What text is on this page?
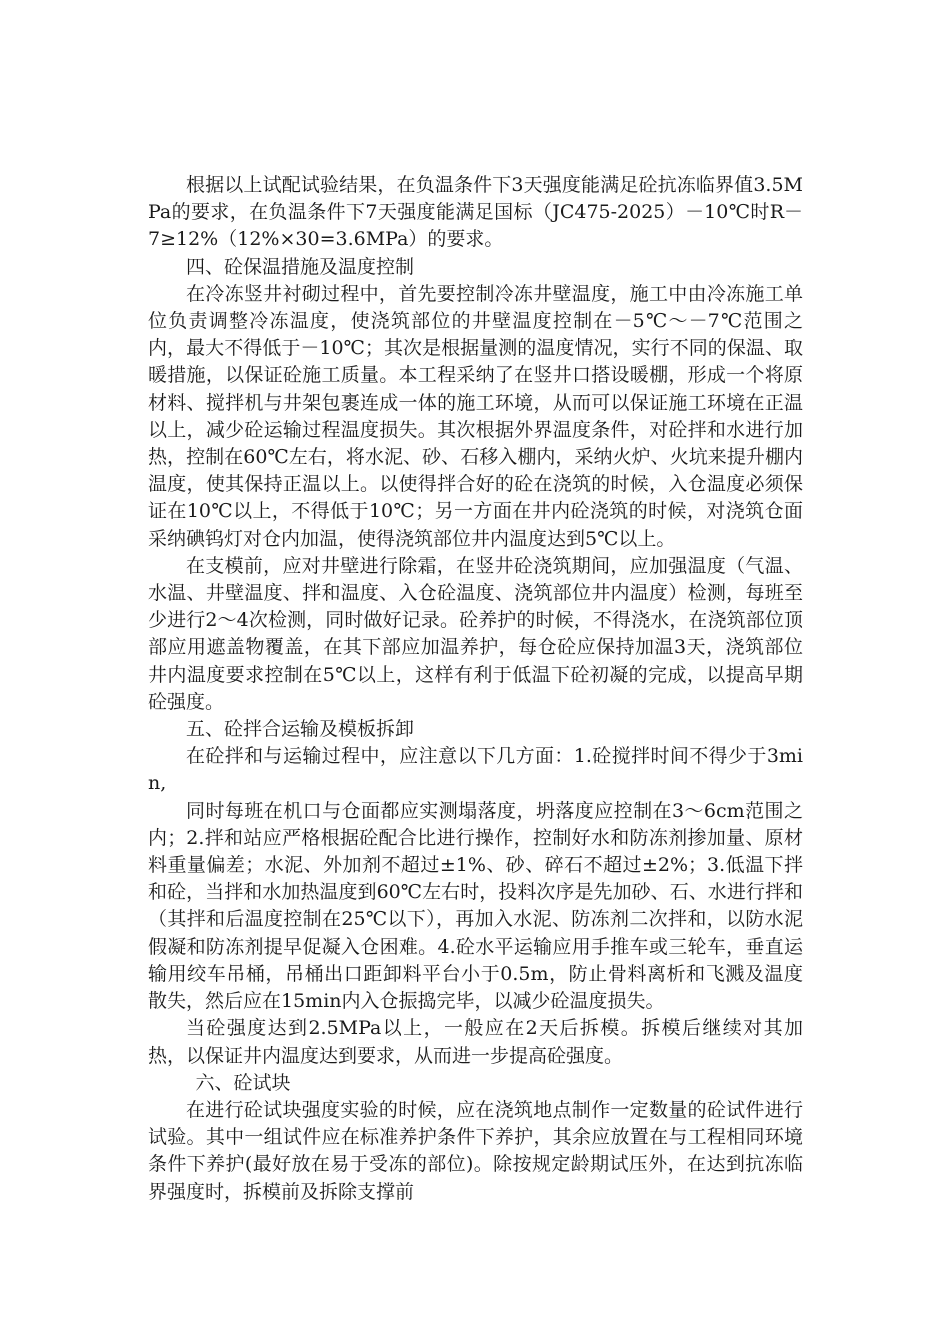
根据以上试配试验结果，在负温条件下3天强度能满足砼抗冻临界值3.5MPa的要求，在负温条件下7天强度能满足国标（JC475-2025）－10℃时R－7≥12%（12%×30=3.6MPa）的要求。

四、砼保温措施及温度控制

在冷冻竖井衬砌过程中，首先要控制冷冻井壁温度，施工中由冷冻施工单位负责调整冷冻温度，使浇筑部位的井壁温度控制在－5℃～－7℃范围之内，最大不得低于－10℃；其次是根据量测的温度情况，实行不同的保温、取暖措施，以保证砼施工质量。本工程采纳了在竖井口搭设暖棚，形成一个将原材料、搅拌机与井架包裹连成一体的施工环境，从而可以保证施工环境在正温以上，减少砼运输过程温度损失。其次根据外界温度条件，对砼拌和水进行加热，控制在60℃左右，将水泥、砂、石移入棚内，采纳火炉、火坑来提升棚内温度，使其保持正温以上。以使得拌合好的砼在浇筑的时候，入仓温度必须保证在10℃以上，不得低于10℃；另一方面在井内砼浇筑的时候，对浇筑仓面采纳碘钨灯对仓内加温，使得浇筑部位井内温度达到5℃以上。

在支模前，应对井壁进行除霜，在竖井砼浇筑期间，应加强温度（气温、水温、井壁温度、拌和温度、入仓砼温度、浇筑部位井内温度）检测，每班至少进行2～4次检测，同时做好记录。砼养护的时候，不得浇水，在浇筑部位顶部应用遮盖物覆盖，在其下部应加温养护，每仓砼应保持加温3天，浇筑部位井内温度要求控制在5℃以上，这样有利于低温下砼初凝的完成，以提高早期砼强度。

五、砼拌合运输及模板拆卸

在砼拌和与运输过程中，应注意以下几方面：1.砼搅拌时间不得少于3min,

同时每班在机口与仓面都应实测塌落度，坍落度应控制在3～6cm范围之内；2.拌和站应严格根据砼配合比进行操作，控制好水和防冻剂掺加量、原材料重量偏差；水泥、外加剂不超过±1%、砂、碎石不超过±2%；3.低温下拌和砼，当拌和水加热温度到60℃左右时，投料次序是先加砂、石、水进行拌和（其拌和后温度控制在25℃以下），再加入水泥、防冻剂二次拌和，以防水泥假凝和防冻剂提早促凝入仓困难。4.砼水平运输应用手推车或三轮车，垂直运输用绞车吊桶，吊桶出口距卸料平台小于0.5m，防止骨料离析和飞溅及温度散失，然后应在15min内入仓振捣完毕，以减少砼温度损失。

当砼强度达到2.5MPa以上，一般应在2天后拆模。拆模后继续对其加热，以保证井内温度达到要求，从而进一步提高砼强度。

六、砼试块

在进行砼试块强度实验的时候，应在浇筑地点制作一定数量的砼试件进行试验。其中一组试件应在标准养护条件下养护，其余应放置在与工程相同环境条件下养护(最好放在易于受冻的部位)。除按规定龄期试压外，在达到抗冻临界强度时，拆模前及拆除支撑前
